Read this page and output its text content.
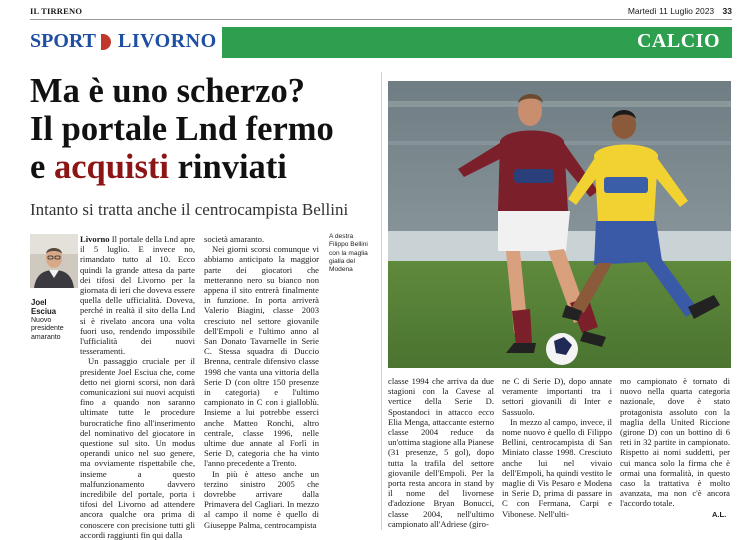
IL TIRRENO	Martedì 11 Luglio 2023 33
SPORT LIVORNO	CALCIO
Ma è uno scherzo?
Il portale Lnd fermo
e acquisti rinviati
Intanto si tratta anche il centrocampista Bellini
Joel Esciua
Nuovo presidente amaranto
A destra Filippo Bellini con la maglia gialla del Modena

Livorno Il portale della Lnd apre il 5 luglio. E invece no, rimandato tutto al 10. Ecco quindi la grande attesa da parte dei tifosi del Livorno per la giornata di ieri che doveva essere quella delle ufficialità. Doveva, perché in realtà il sito della Lnd si è rivelato ancora una volta fuori uso, rendendo impossibile l'ufficialità dei nuovi tesseramenti.

Un passaggio cruciale per il presidente Joel Esciua che, come detto nei giorni scorsi, non darà comunicazioni sui nuovi acquisti fino a quando non saranno ultimate tutte le procedure burocratiche fino all'inserimento del nominativo del giocatore in questione sul sito. Un modus operandi unico nel suo genere, ma ovviamente rispettabile che, insieme a questo malfunzionamento davvero incredibile del portale, porta i tifosi del Livorno ad attendere ancora qualche ora prima di conoscere con precisione tutti gli accordi raggiunti fin qui dalla

società amaranto.

Nei giorni scorsi comunque vi abbiamo anticipato la maggior parte dei giocatori che metteranno nero su bianco non appena il sito entrerà finalmente in funzione. In porta arriverà Valerio Biagini, classe 2003 cresciuto nel settore giovanile dell'Empoli e l'ultimo anno al San Donato Tavarnelle in Serie C. Stessa squadra di Duccio Brenna, centrale difensivo classe 1998 che vanta una vittoria della Serie D (con oltre 150 presenze in categoria) e l'ultimo campionato in C con i gialloblù. Insieme a lui potrebbe esserci anche Matteo Ronchi, altro centrale, classe 1996, nelle ultime due annate al Forlì in Serie D, categoria che ha vinto l'anno precedente a Trento.

In più è atteso anche un terzino sinistro 2005 che dovrebbe arrivare dalla Primavera del Cagliari. In mezzo al campo il nome è quello di Giuseppe Palma, centrocampista

classe 1994 che arriva da due stagioni con la Cavese al vertice della Serie D. Spostandoci in attacco ecco Elia Menga, attaccante esterno classe 2004 reduce da un'ottima stagione alla Pianese (31 presenze, 5 gol), dopo tutta la trafila del settore giovanile dell'Empoli. Per la porta resta ancora in stand by il nome del livornese d'adozione Bryan Bonucci, classe 2004, nell'ultimo campionato all'Adriese (giro-

ne C di Serie D), dopo annate veramente importanti tra i settori giovanili di Inter e Sassuolo.

In mezzo al campo, invece, il nome nuovo è quello di Filippo Bellini, centrocampista di San Miniato classe 1998. Cresciuto anche lui nel vivaio dell'Empoli, ha quindi vestito le maglie di Vis Pesaro e Modena in Serie D, prima di passare in C con Fermana, Carpi e Vibonese. Nell'ulti-

mo campionato è tornato di nuovo nella quarta categoria nazionale, dove è stato protagonista assoluto con la maglia della United Riccione (girone D) con un bottino di 6 reti in 32 partite in campionato. Rispetto ai nomi suddetti, per cui manca solo la firma che è ormai una formalità, in questo caso la trattativa è molto avanzata, ma non c'è ancora l'accordo totale.

A.L.
